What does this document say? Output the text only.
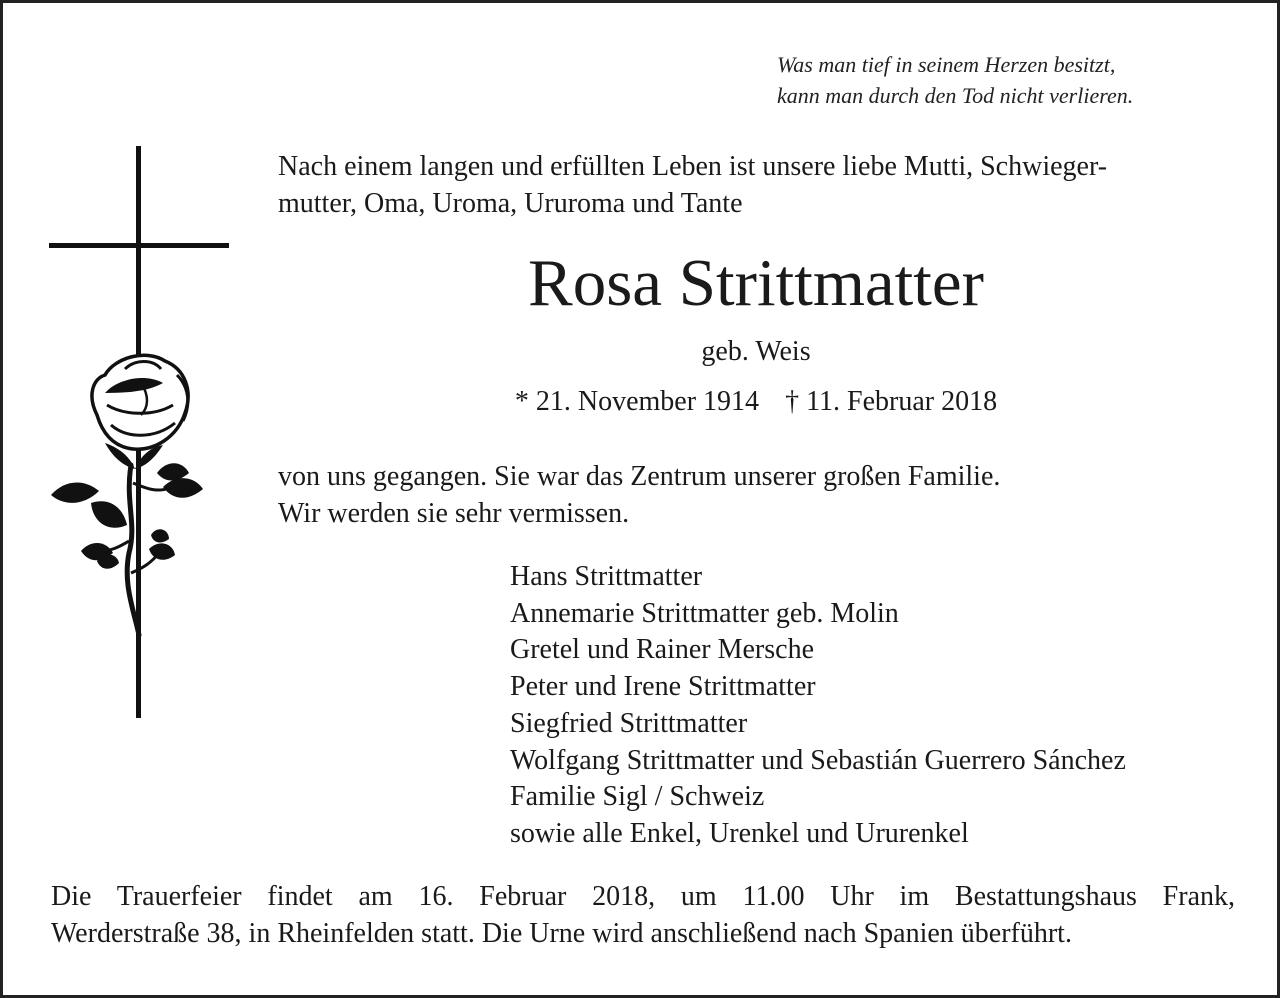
Was man tief in seinem Herzen besitzt,
kann man durch den Tod nicht verlieren.
Nach einem langen und erfüllten Leben ist unsere liebe Mutti, Schwieger-
mutter, Oma, Uroma, Ururoma und Tante
Rosa Strittmatter
geb. Weis
* 21. November 1914 † 11. Februar 2018
von uns gegangen. Sie war das Zentrum unserer großen Familie.
Wir werden sie sehr vermissen.
Hans Strittmatter
Annemarie Strittmatter geb. Molin
Gretel und Rainer Mersche
Peter und Irene Strittmatter
Siegfried Strittmatter
Wolfgang Strittmatter und Sebastián Guerrero Sánchez
Familie Sigl / Schweiz
sowie alle Enkel, Urenkel und Ururenkel
Die Trauerfeier findet am 16. Februar 2018, um 11.00 Uhr im Bestattungshaus Frank,
Werderstraße 38, in Rheinfelden statt. Die Urne wird anschließend nach Spanien überführt.
